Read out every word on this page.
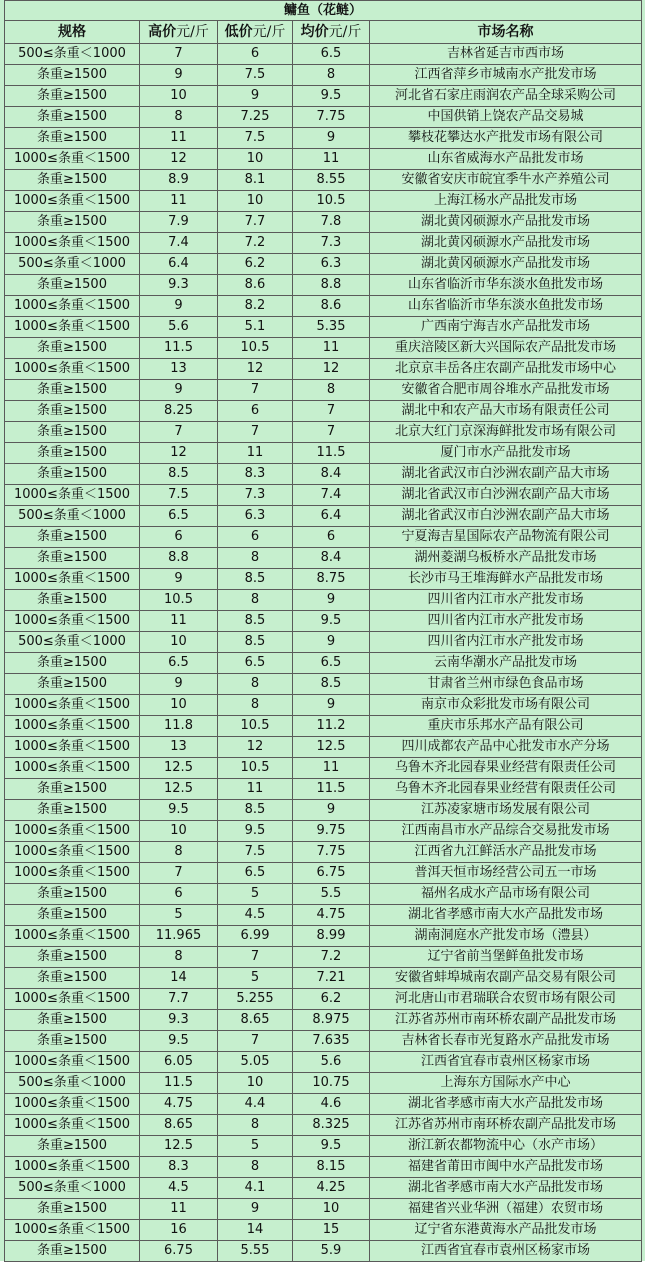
鳙鱼（花鲢）				
规格	高价元/斤	低价元/斤	均价元/斤	市场名称
500≤条重＜1000	7	6	6.5	吉林省延吉市西市场
条重≥1500	9	7.5	8	江西省萍乡市城南水产批发市场
条重≥1500	10	9	9.5	河北省石家庄雨润农产品全球采购公司
条重≥1500	8	7.25	7.75	中国供销上饶农产品交易城
条重≥1500	11	7.5	9	攀枝花攀达水产批发市场有限公司
1000≤条重＜1500	12	10	11	山东省威海水产品批发市场
条重≥1500	8.9	8.1	8.55	安徽省安庆市皖宜季牛水产养殖公司
1000≤条重＜1500	11	10	10.5	上海江杨水产品批发市场
条重≥1500	7.9	7.7	7.8	湖北黄冈硕源水产品批发市场
1000≤条重＜1500	7.4	7.2	7.3	湖北黄冈硕源水产品批发市场
500≤条重＜1000	6.4	6.2	6.3	湖北黄冈硕源水产品批发市场
条重≥1500	9.3	8.6	8.8	山东省临沂市华东淡水鱼批发市场
1000≤条重＜1500	9	8.2	8.6	山东省临沂市华东淡水鱼批发市场
1000≤条重＜1500	5.6	5.1	5.35	广西南宁海吉水产品批发市场
条重≥1500	11.5	10.5	11	重庆涪陵区新大兴国际农产品批发市场
1000≤条重＜1500	13	12	12	北京京丰岳各庄农副产品批发市场中心
条重≥1500	9	7	8	安徽省合肥市周谷堆水产品批发市场
条重≥1500	8.25	6	7	湖北中和农产品大市场有限责任公司
条重≥1500	7	7	7	北京大红门京深海鲜批发市场有限公司
条重≥1500	12	11	11.5	厦门市水产品批发市场
条重≥1500	8.5	8.3	8.4	湖北省武汉市白沙洲农副产品大市场
1000≤条重＜1500	7.5	7.3	7.4	湖北省武汉市白沙洲农副产品大市场
500≤条重＜1000	6.5	6.3	6.4	湖北省武汉市白沙洲农副产品大市场
条重≥1500	6	6	6	宁夏海吉星国际农产品物流有限公司
条重≥1500	8.8	8	8.4	湖州菱湖乌板桥水产品批发市场
1000≤条重＜1500	9	8.5	8.75	长沙市马王堆海鲜水产品批发市场
条重≥1500	10.5	8	9	四川省内江市水产批发市场
1000≤条重＜1500	11	8.5	9.5	四川省内江市水产批发市场
500≤条重＜1000	10	8.5	9	四川省内江市水产批发市场
条重≥1500	6.5	6.5	6.5	云南华潮水产品批发市场
条重≥1500	9	8	8.5	甘肃省兰州市绿色食品市场
1000≤条重＜1500	10	8	9	南京市众彩批发市场有限公司
1000≤条重＜1500	11.8	10.5	11.2	重庆市乐邦水产品有限公司
1000≤条重＜1500	13	12	12.5	四川成都农产品中心批发市水产分场
1000≤条重＜1500	12.5	10.5	11	乌鲁木齐北园春果业经营有限责任公司
条重≥1500	12.5	11	11.5	乌鲁木齐北园春果业经营有限责任公司
条重≥1500	9.5	8.5	9	江苏凌家塘市场发展有限公司
1000≤条重＜1500	10	9.5	9.75	江西南昌市水产品综合交易批发市场
1000≤条重＜1500	8	7.5	7.75	江西省九江鲜活水产品批发市场
1000≤条重＜1500	7	6.5	6.75	普洱天恒市场经营公司五一市场
条重≥1500	6	5	5.5	福州名成水产品市场有限公司
条重≥1500	5	4.5	4.75	湖北省孝感市南大水产品批发市场
1000≤条重＜1500	11.965	6.99	8.99	湖南洞庭水产批发市场（澧县）
条重≥1500	8	7	7.2	辽宁省前当堡鲜鱼批发市场
条重≥1500	14	5	7.21	安徽省蚌埠城南农副产品交易有限公司
1000≤条重＜1500	7.7	5.255	6.2	河北唐山市君瑞联合农贸市场有限公司
条重≥1500	9.3	8.65	8.975	江苏省苏州市南环桥农副产品批发市场
条重≥1500	9.5	7	7.635	吉林省长春市光复路水产品批发市场
1000≤条重＜1500	6.05	5.05	5.6	江西省宜春市袁州区杨家市场
500≤条重＜1000	11.5	10	10.75	上海东方国际水产中心
1000≤条重＜1500	4.75	4.4	4.6	湖北省孝感市南大水产品批发市场
1000≤条重＜1500	8.65	8	8.325	江苏省苏州市南环桥农副产品批发市场
条重≥1500	12.5	5	9.5	浙江新农都物流中心（水产市场）
1000≤条重＜1500	8.3	8	8.15	福建省莆田市闽中水产品批发市场
500≤条重＜1000	4.5	4.1	4.25	湖北省孝感市南大水产品批发市场
条重≥1500	11	9	10	福建省兴业华洲（福建）农贸市场
1000≤条重＜1500	16	14	15	辽宁省东港黄海水产品批发市场
条重≥1500	6.75	5.55	5.9	江西省宜春市袁州区杨家市场
